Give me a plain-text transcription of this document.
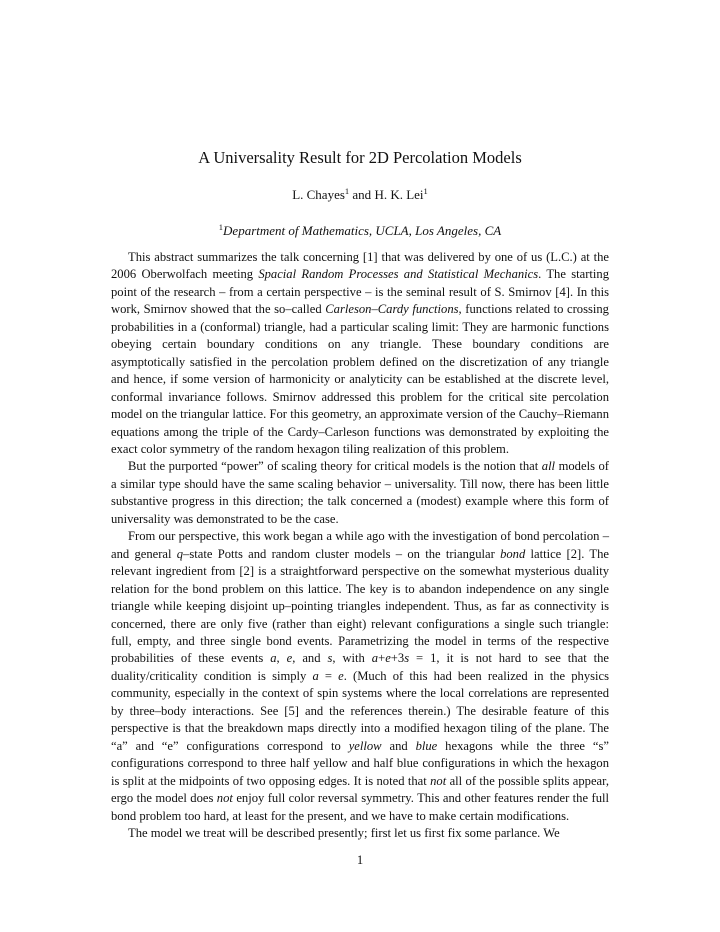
A Universality Result for 2D Percolation Models
L. Chayes$^1$ and H. K. Lei$^1$
$^1$Department of Mathematics, UCLA, Los Angeles, CA

This abstract summarizes the talk concerning [1] that was delivered by one of us (L.C.) at the 2006 Oberwolfach meeting Spacial Random Processes and Statistical Mechanics. The starting point of the research – from a certain perspective – is the seminal result of S. Smirnov [4]. In this work, Smirnov showed that the so–called Carleson–Cardy functions, functions related to crossing probabilities in a (conformal) triangle, had a particular scaling limit: They are harmonic functions obeying certain boundary conditions on any triangle. These boundary conditions are asymptotically satisfied in the percolation problem defined on the discretization of any triangle and hence, if some version of harmonicity or analyticity can be established at the discrete level, conformal invariance follows. Smirnov addressed this problem for the critical site percolation model on the triangular lattice. For this geometry, an approximate version of the Cauchy–Riemann equations among the triple of the Cardy–Carleson functions was demonstrated by exploiting the exact color symmetry of the random hexagon tiling realization of this problem.

But the purported “power” of scaling theory for critical models is the notion that all models of a similar type should have the same scaling behavior – universality. Till now, there has been little substantive progress in this direction; the talk concerned a (modest) example where this form of universality was demonstrated to be the case.

From our perspective, this work began a while ago with the investigation of bond percolation – and general q–state Potts and random cluster models – on the triangular bond lattice [2]. The relevant ingredient from [2] is a straightforward perspective on the somewhat mysterious duality relation for the bond problem on this lattice. The key is to abandon independence on any single triangle while keeping disjoint up–pointing triangles independent. Thus, as far as connectivity is concerned, there are only five (rather than eight) relevant configurations a single such triangle: full, empty, and three single bond events. Parametrizing the model in terms of the respective probabilities of these events a, e, and s, with a+e+3s = 1, it is not hard to see that the duality/criticality condition is simply a = e. (Much of this had been realized in the physics community, especially in the context of spin systems where the local correlations are represented by three–body interactions. See [5] and the references therein.) The desirable feature of this perspective is that the breakdown maps directly into a modified hexagon tiling of the plane. The “a” and “e” configurations correspond to yellow and blue hexagons while the three “s” configurations correspond to three half yellow and half blue configurations in which the hexagon is split at the midpoints of two opposing edges. It is noted that not all of the possible splits appear, ergo the model does not enjoy full color reversal symmetry. This and other features render the full bond problem too hard, at least for the present, and we have to make certain modifications.

The model we treat will be described presently; first let us first fix some parlance. We

1
